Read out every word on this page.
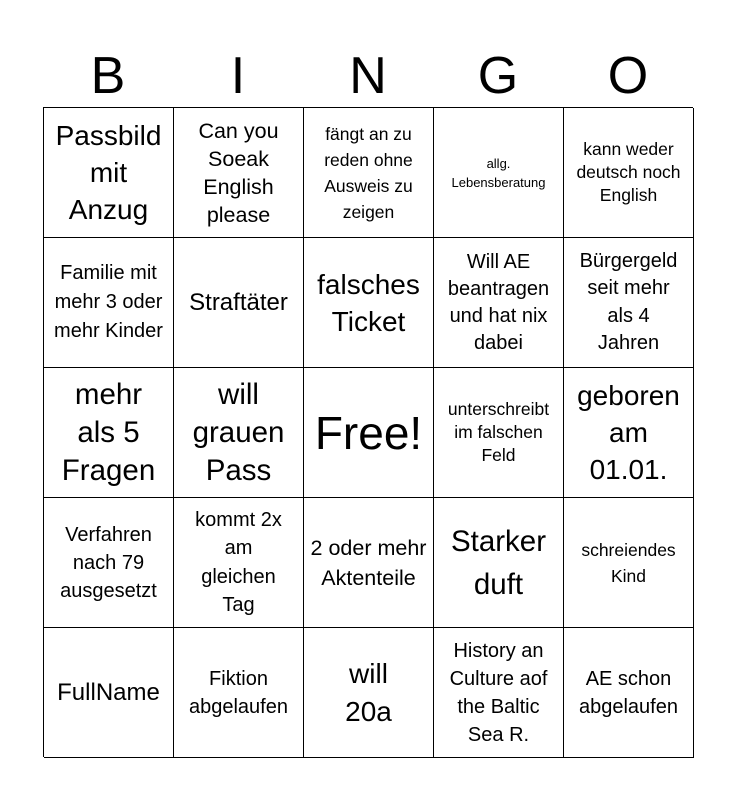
B	I	N	G	O
Passbild mit Anzug
Can you Soeak English please
fängt an zu reden ohne Ausweis zu zeigen
allg. Lebensberatung
kann weder deutsch noch English
Familie mit mehr 3 oder mehr Kinder
Straftäter
falsches Ticket
Will AE beantragen und hat nix dabei
Bürgergeld seit mehr als 4 Jahren
mehr als 5 Fragen
will grauen Pass
Free!	unterschreibt im falschen Feld
geboren am 01.01.
Verfahren nach 79 ausgesetzt
kommt 2x am gleichen Tag
2 oder mehr Aktenteile
Starker duft
schreiendes Kind
FullName	Fiktion abgelaufen
will 20a
History an Culture aof the Baltic Sea R.
AE schon abgelaufen
